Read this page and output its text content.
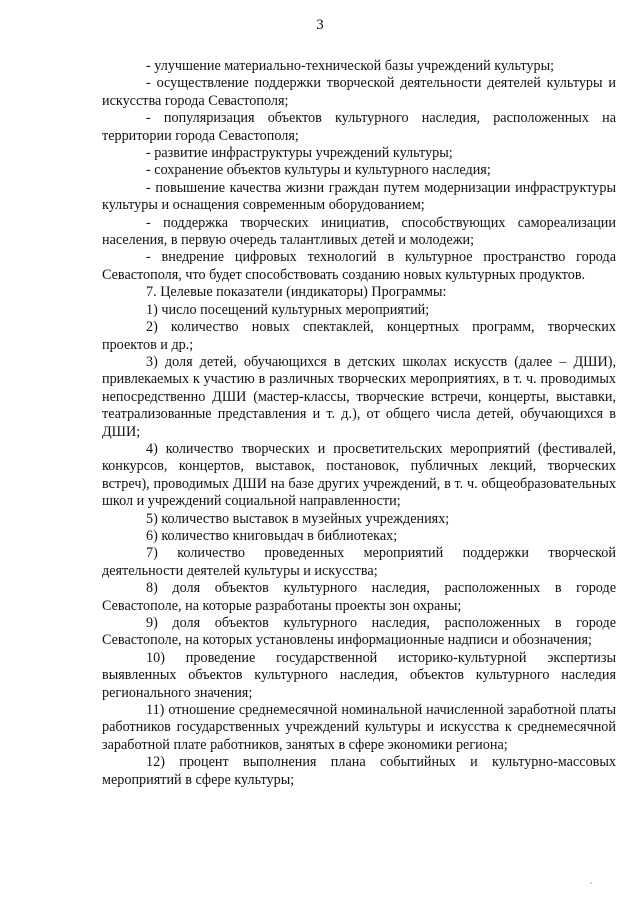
3

- улучшение материально-технической базы учреждений культуры;

- осуществление поддержки творческой деятельности деятелей культуры и искусства города Севастополя;

- популяризация объектов культурного наследия, расположенных на территории города Севастополя;

- развитие инфраструктуры учреждений культуры;

- сохранение объектов культуры и культурного наследия;

- повышение качества жизни граждан путем модернизации инфраструктуры культуры и оснащения современным оборудованием;

- поддержка творческих инициатив, способствующих самореализации населения, в первую очередь талантливых детей и молодежи;

- внедрение цифровых технологий в культурное пространство города Севастополя, что будет способствовать созданию новых культурных продуктов.

7. Целевые показатели (индикаторы) Программы:

1) число посещений культурных мероприятий;

2) количество новых спектаклей, концертных программ, творческих проектов и др.;

3) доля детей, обучающихся в детских школах искусств (далее – ДШИ), привлекаемых к участию в различных творческих мероприятиях, в т. ч. проводимых непосредственно ДШИ (мастер-классы, творческие встречи, концерты, выставки, театрализованные представления и т. д.), от общего числа детей, обучающихся в ДШИ;

4) количество творческих и просветительских мероприятий (фестивалей, конкурсов, концертов, выставок, постановок, публичных лекций, творческих встреч), проводимых ДШИ на базе других учреждений, в т. ч. общеобразовательных школ и учреждений социальной направленности;

5) количество выставок в музейных учреждениях;

6) количество книговыдач в библиотеках;

7) количество проведенных мероприятий поддержки творческой деятельности деятелей культуры и искусства;

8) доля объектов культурного наследия, расположенных в городе Севастополе, на которые разработаны проекты зон охраны;

9) доля объектов культурного наследия, расположенных в городе Севастополе, на которых установлены информационные надписи и обозначения;

10) проведение государственной историко-культурной экспертизы выявленных объектов культурного наследия, объектов культурного наследия регионального значения;

11) отношение среднемесячной номинальной начисленной заработной платы работников государственных учреждений культуры и искусства к среднемесячной заработной плате работников, занятых в сфере экономики региона;

12) процент выполнения плана событийных и культурно-массовых мероприятий в сфере культуры;
